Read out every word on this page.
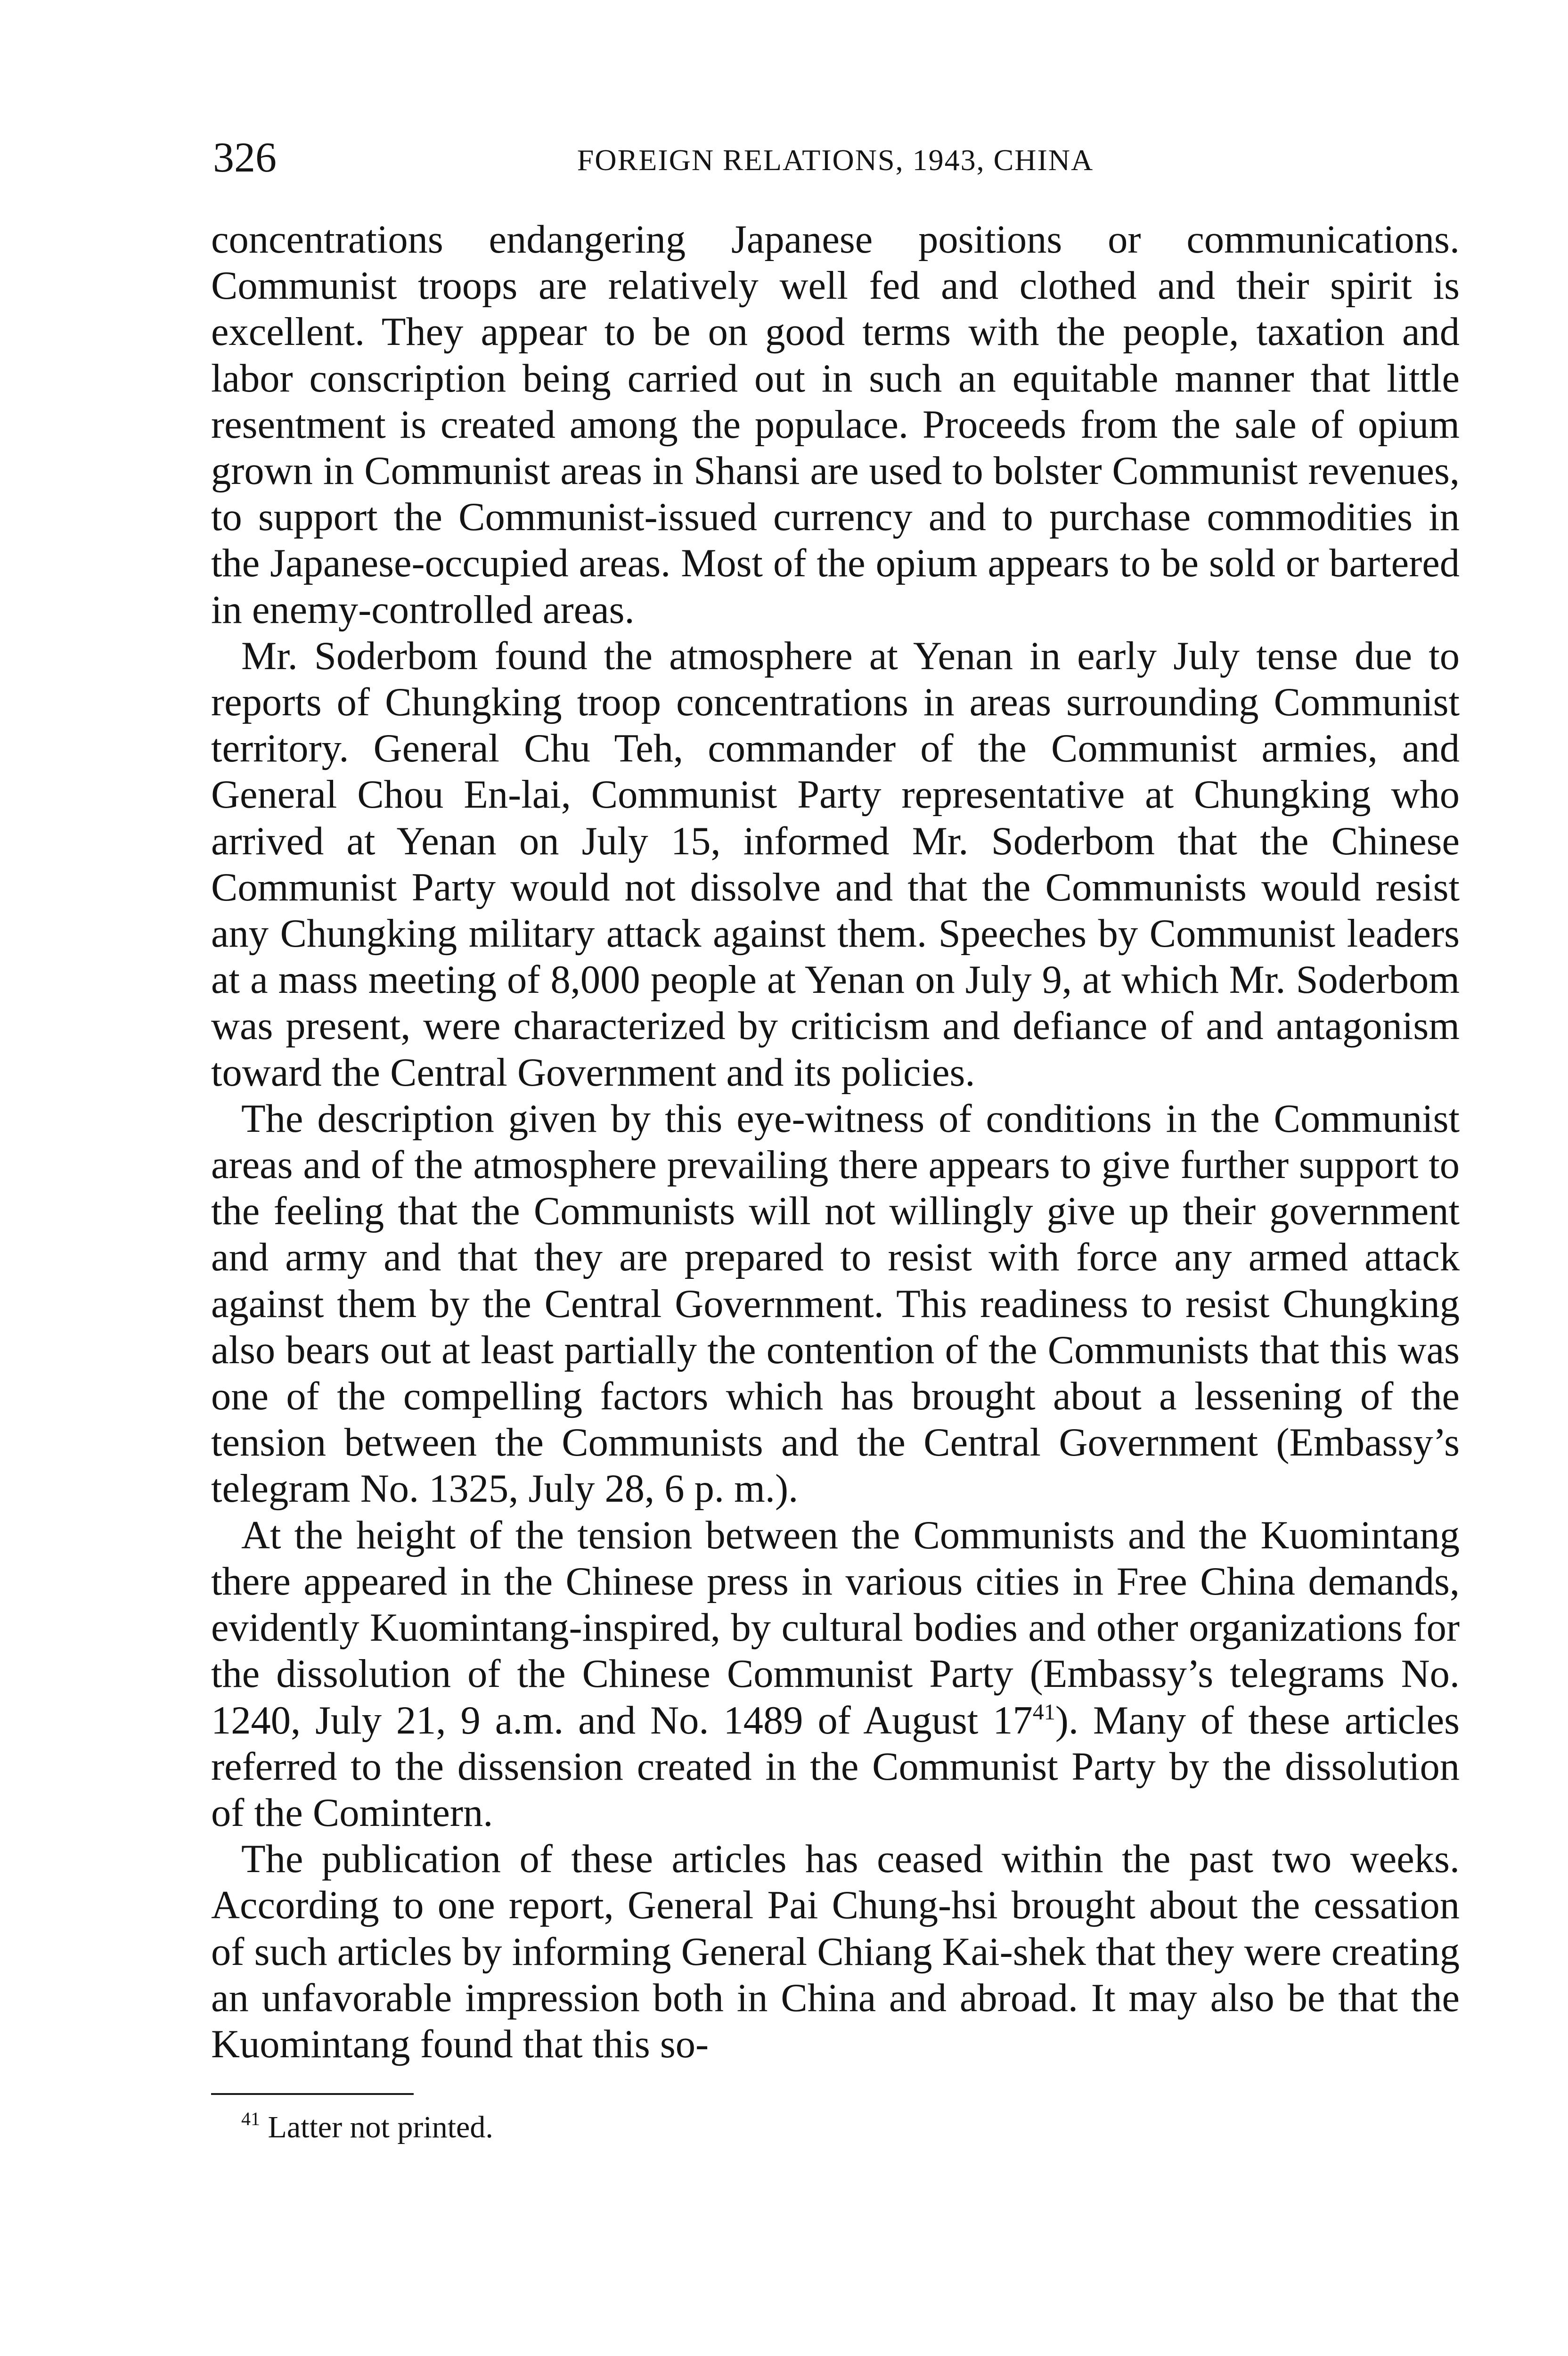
326	FOREIGN RELATIONS, 1943, CHINA

concentrations endangering Japanese positions or communications. Communist troops are relatively well fed and clothed and their spirit is excellent. They appear to be on good terms with the people, taxation and labor conscription being carried out in such an equitable manner that little resentment is created among the populace. Proceeds from the sale of opium grown in Communist areas in Shansi are used to bolster Communist revenues, to support the Communist-issued currency and to purchase commodities in the Japanese-occupied areas. Most of the opium appears to be sold or bartered in enemy-controlled areas.

Mr. Soderbom found the atmosphere at Yenan in early July tense due to reports of Chungking troop concentrations in areas surrounding Communist territory. General Chu Teh, commander of the Communist armies, and General Chou En-lai, Communist Party representative at Chungking who arrived at Yenan on July 15, informed Mr. Soderbom that the Chinese Communist Party would not dissolve and that the Communists would resist any Chungking military attack against them. Speeches by Communist leaders at a mass meeting of 8,000 people at Yenan on July 9, at which Mr. Soderbom was present, were characterized by criticism and defiance of and antagonism toward the Central Government and its policies.

The description given by this eye-witness of conditions in the Communist areas and of the atmosphere prevailing there appears to give further support to the feeling that the Communists will not willingly give up their government and army and that they are prepared to resist with force any armed attack against them by the Central Government. This readiness to resist Chungking also bears out at least partially the contention of the Communists that this was one of the compelling factors which has brought about a lessening of the tension between the Communists and the Central Government (Embassy’s telegram No. 1325, July 28, 6 p. m.).

At the height of the tension between the Communists and the Kuomintang there appeared in the Chinese press in various cities in Free China demands, evidently Kuomintang-inspired, by cultural bodies and other organizations for the dissolution of the Chinese Communist Party (Embassy’s telegrams No. 1240, July 21, 9 a.m. and No. 1489 of August $17^{41}$). Many of these articles referred to the dissension created in the Communist Party by the dissolution of the Comintern.

The publication of these articles has ceased within the past two weeks. According to one report, General Pai Chung-hsi brought about the cessation of such articles by informing General Chiang Kai-shek that they were creating an unfavorable impression both in China and abroad. It may also be that the Kuomintang found that this so-

$^{41}$ Latter not printed.
